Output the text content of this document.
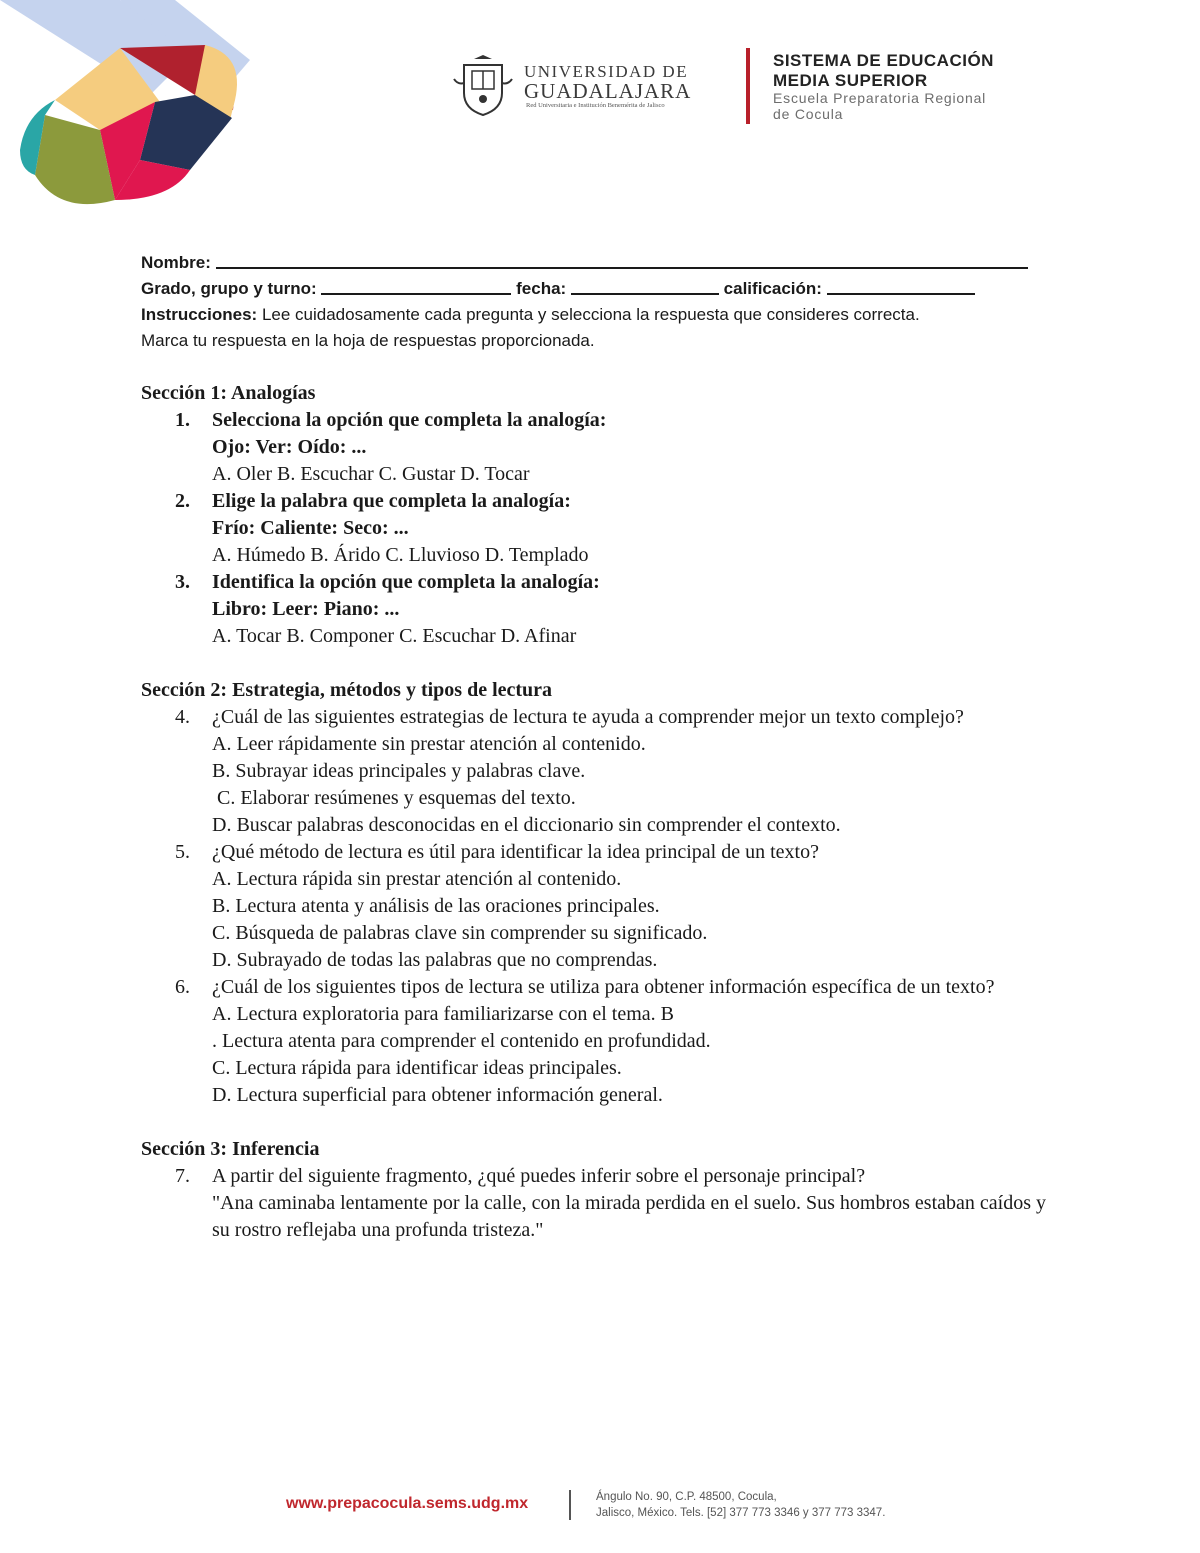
UNIVERSIDAD DE
GUADALAJARA
Red Universitaria e Institución Benemérita de Jalisco
SISTEMA DE EDUCACIÓN
MEDIA SUPERIOR
Escuela Preparatoria Regional
de Cocula
Nombre:
Grado, grupo y turno:	fecha:	calificación:
Instrucciones: Lee cuidadosamente cada pregunta y selecciona la respuesta que consideres correcta.
Marca tu respuesta en la hoja de respuestas proporcionada.
Sección 1: Analogías
1. Selecciona la opción que completa la analogía:
Ojo: Ver: Oído: ...
A. Oler B. Escuchar C. Gustar D. Tocar
2. Elige la palabra que completa la analogía:
Frío: Caliente: Seco: ...
A. Húmedo B. Árido C. Lluvioso D. Templado
3. Identifica la opción que completa la analogía:
Libro: Leer: Piano: ...
A. Tocar B. Componer C. Escuchar D. Afinar
Sección 2: Estrategia, métodos y tipos de lectura
4. ¿Cuál de las siguientes estrategias de lectura te ayuda a comprender mejor un texto complejo?
A. Leer rápidamente sin prestar atención al contenido.
B. Subrayar ideas principales y palabras clave.
C. Elaborar resúmenes y esquemas del texto.
D. Buscar palabras desconocidas en el diccionario sin comprender el contexto.
5. ¿Qué método de lectura es útil para identificar la idea principal de un texto?
A. Lectura rápida sin prestar atención al contenido.
B. Lectura atenta y análisis de las oraciones principales.
C. Búsqueda de palabras clave sin comprender su significado.
D. Subrayado de todas las palabras que no comprendas.
6. ¿Cuál de los siguientes tipos de lectura se utiliza para obtener información específica de un texto?
A. Lectura exploratoria para familiarizarse con el tema. B
. Lectura atenta para comprender el contenido en profundidad.
C. Lectura rápida para identificar ideas principales.
D. Lectura superficial para obtener información general.
Sección 3: Inferencia
7. A partir del siguiente fragmento, ¿qué puedes inferir sobre el personaje principal?
"Ana caminaba lentamente por la calle, con la mirada perdida en el suelo. Sus hombros estaban caídos y su rostro reflejaba una profunda tristeza."
www.prepacocula.sems.udg.mx	Ángulo No. 90, C.P. 48500, Cocula,
Jalisco, México. Tels. [52] 377 773 3346 y 377 773 3347.
